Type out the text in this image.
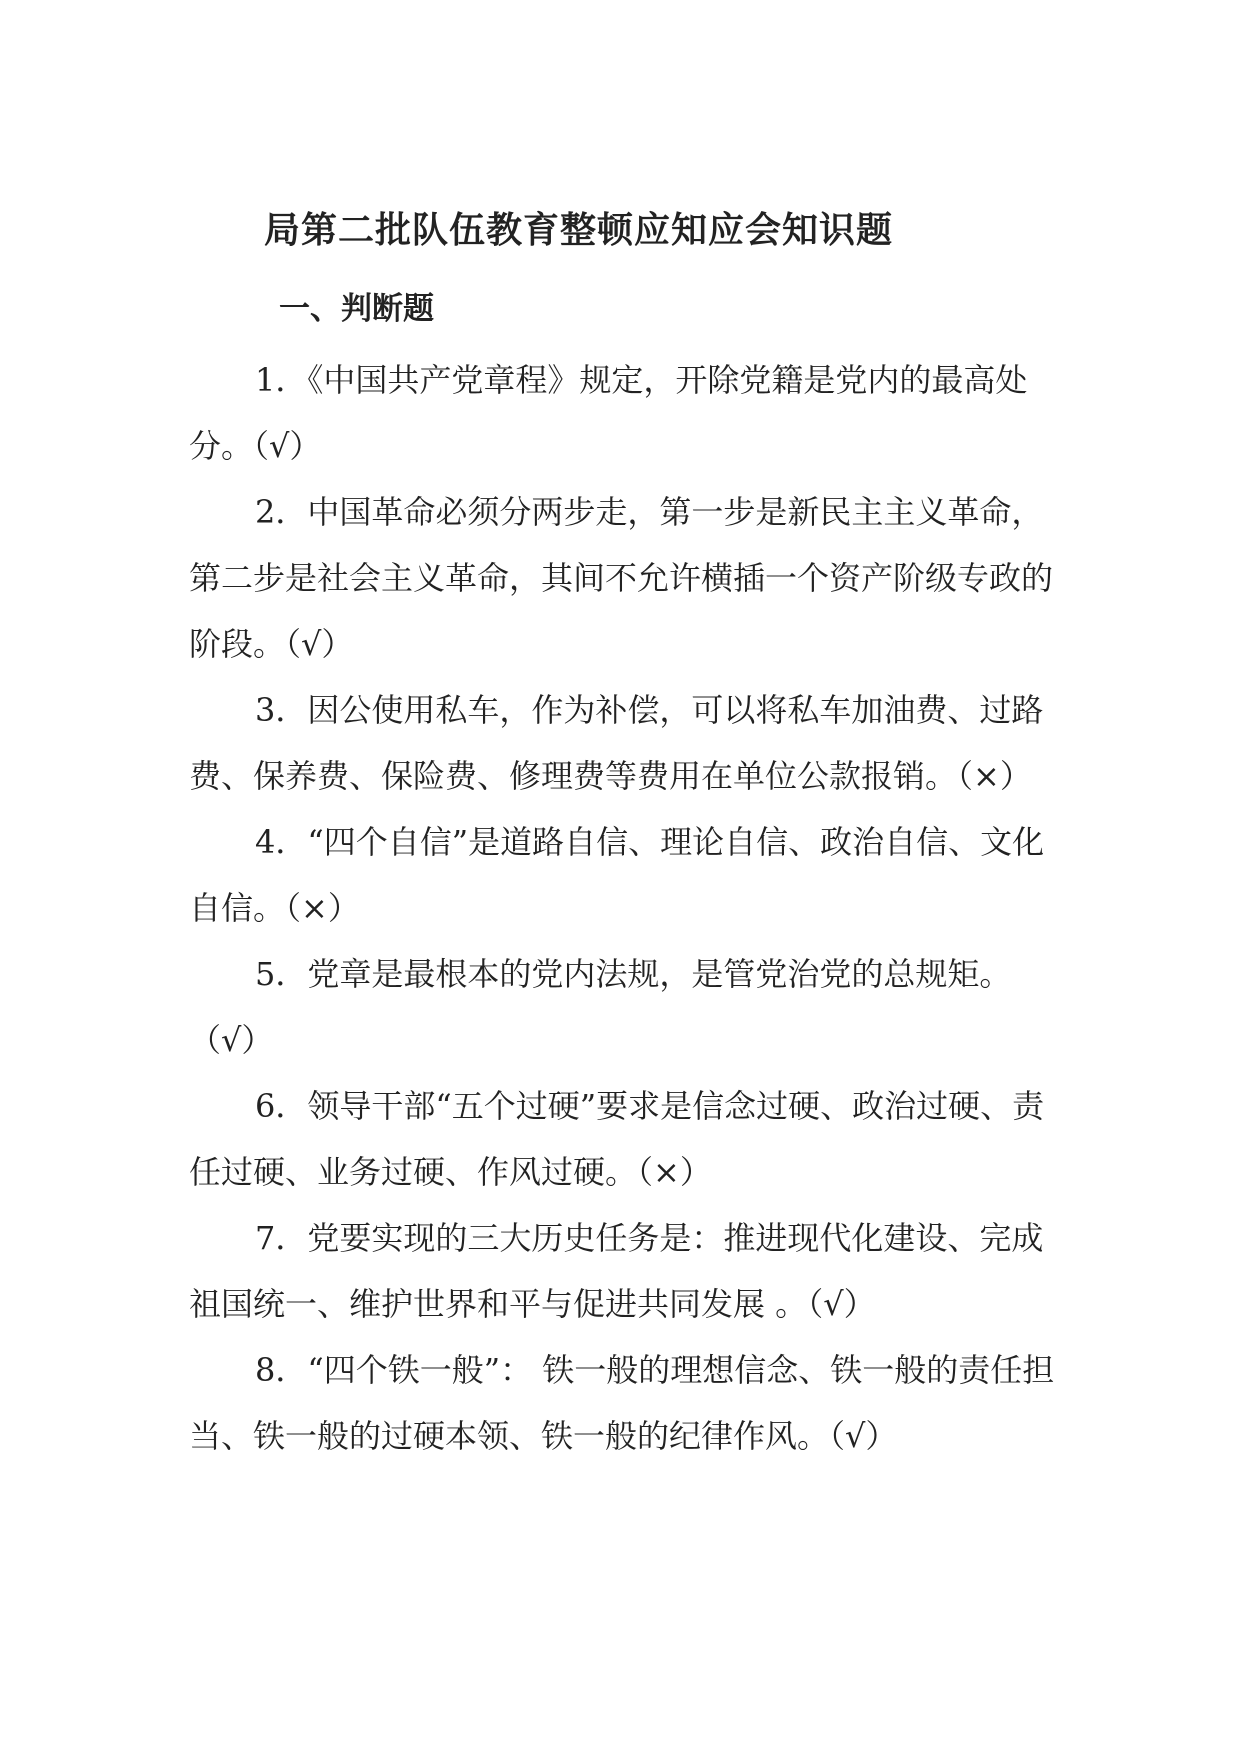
局第二批队伍教育整顿应知应会知识题
一、判断题
1．《中国共产党章程》规定，开除党籍是党内的最高处分。（√）
2．中国革命必须分两步走，第一步是新民主主义革命，第二步是社会主义革命，其间不允许横插一个资产阶级专政的阶段。（√）
3．因公使用私车，作为补偿，可以将私车加油费、过路费、保养费、保险费、修理费等费用在单位公款报销。（×）
4．“四个自信”是道路自信、理论自信、政治自信、文化自信。（×）
5．党章是最根本的党内法规，是管党治党的总规矩。（√）
6．领导干部“五个过硬”要求是信念过硬、政治过硬、责任过硬、业务过硬、作风过硬。（×）
7．党要实现的三大历史任务是：推进现代化建设、完成祖国统一、维护世界和平与促进共同发展 。（√）
8．“四个铁一般”： 铁一般的理想信念、铁一般的责任担当、铁一般的过硬本领、铁一般的纪律作风。（√）
